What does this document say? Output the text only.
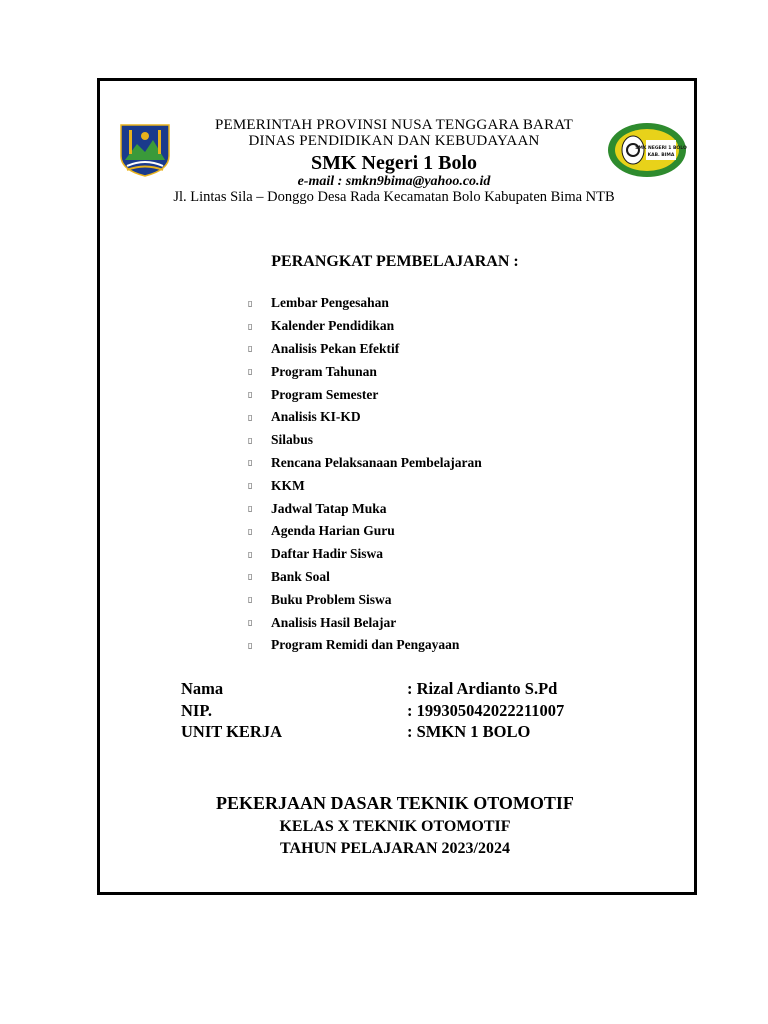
SMK NEGERI 1 BOLO
KAB. BIMA
PEMERINTAH PROVINSI NUSA TENGGARA BARAT
DINAS PENDIDIKAN DAN KEBUDAYAAN
SMK Negeri 1 Bolo
e-mail : smkn9bima@yahoo.co.id
Jl. Lintas Sila – Donggo Desa Rada Kecamatan Bolo Kabupaten Bima NTB
PERANGKAT PEMBELAJARAN :
▯	Lembar Pengesahan
▯	Kalender Pendidikan
▯	Analisis Pekan Efektif
▯	Program Tahunan
▯	Program Semester
▯	Analisis KI-KD
▯	Silabus
▯	Rencana Pelaksanaan Pembelajaran
▯	KKM
▯	Jadwal Tatap Muka
▯	Agenda Harian Guru
▯	Daftar Hadir Siswa
▯	Bank Soal
▯	Buku Problem Siswa
▯	Analisis Hasil Belajar
▯	Program Remidi dan Pengayaan
Nama	: Rizal Ardianto S.Pd
NIP.	: 199305042022211007
UNIT KERJA	: SMKN 1 BOLO
PEKERJAAN DASAR TEKNIK OTOMOTIF
KELAS X TEKNIK OTOMOTIF
TAHUN PELAJARAN 2023/2024
